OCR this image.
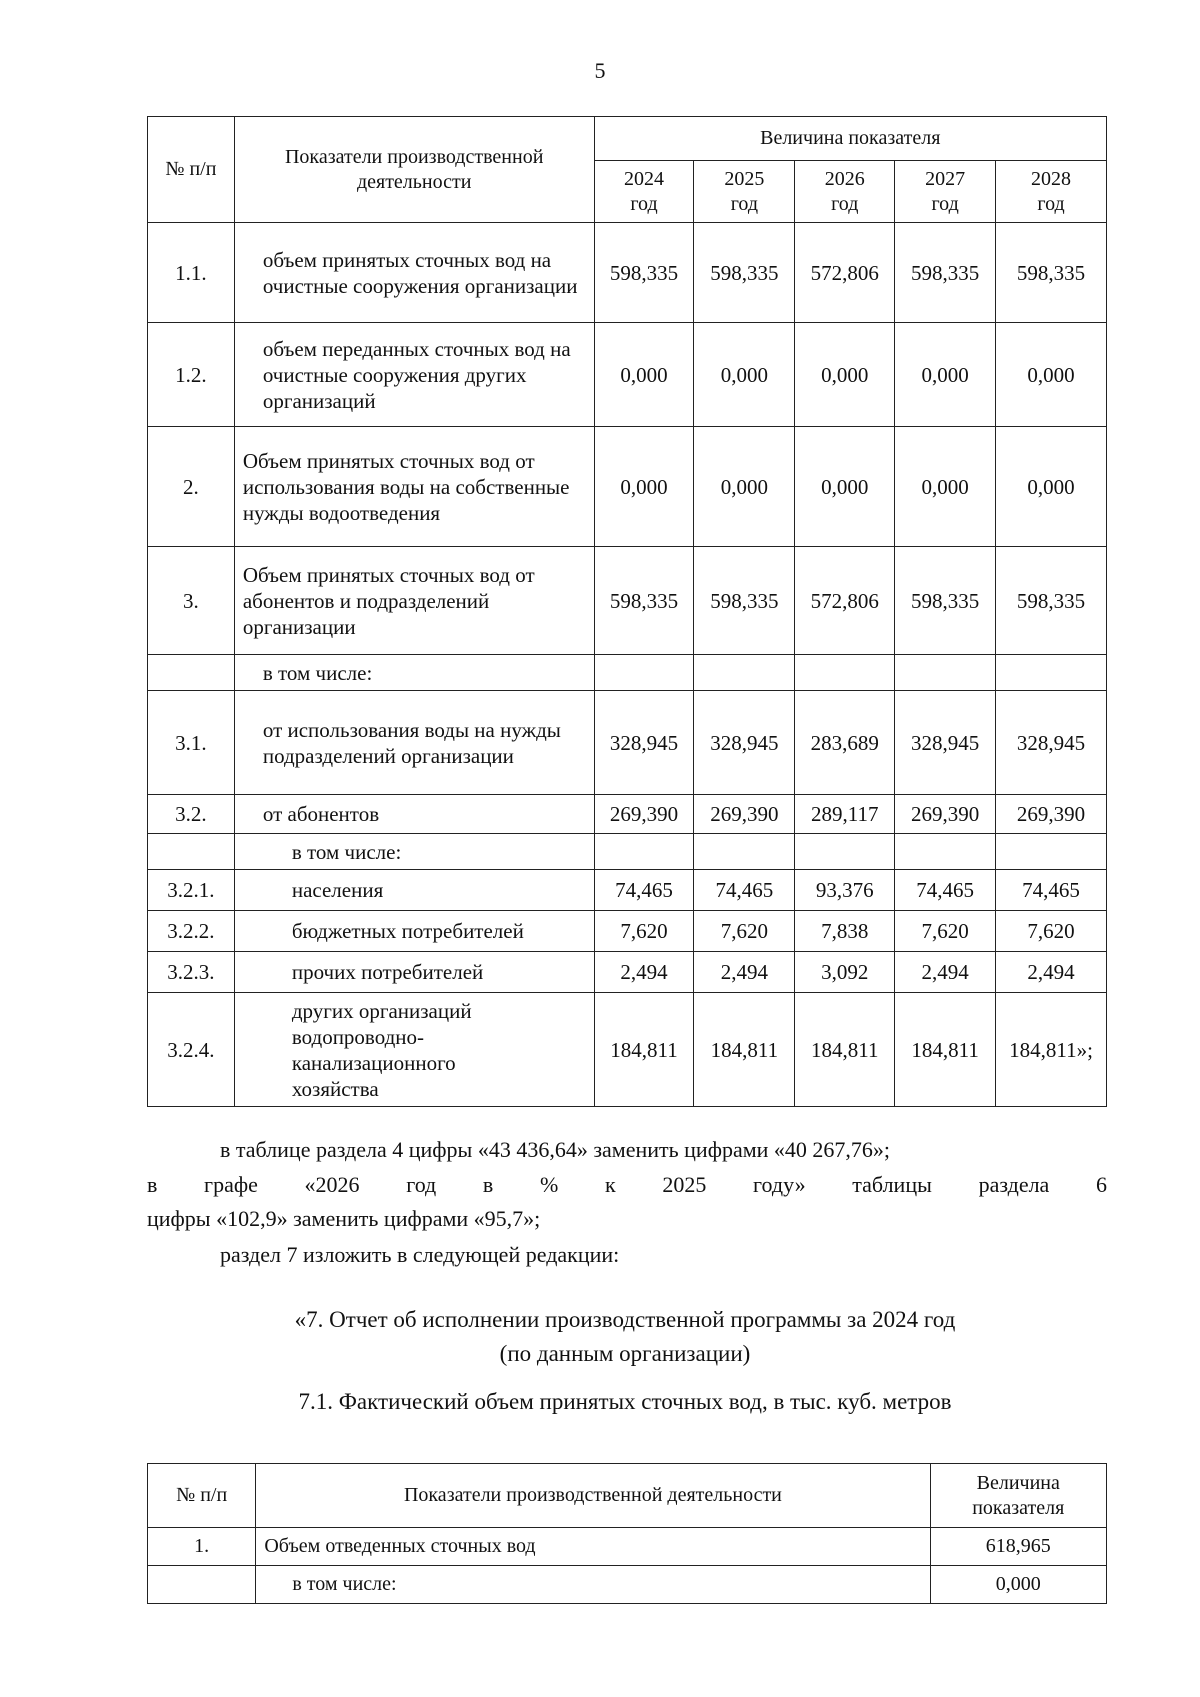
5
№ п/п	Показатели производственной деятельности	Величина показателя				
		2024 год	2025 год	2026 год	2027 год	2028 год
1.1.	объем принятых сточных вод на очистные сооружения организации	598,335	598,335	572,806	598,335	598,335
1.2.	объем переданных сточных вод на очистные сооружения других организаций	0,000	0,000	0,000	0,000	0,000
2.	Объем принятых сточных вод от использования воды на собственные нужды водоотведения	0,000	0,000	0,000	0,000	0,000
3.	Объем принятых сточных вод от абонентов и подразделений организации	598,335	598,335	572,806	598,335	598,335
	в том числе:					
3.1.	от использования воды на нужды подразделений организации	328,945	328,945	283,689	328,945	328,945
3.2.	от абонентов	269,390	269,390	289,117	269,390	269,390
	в том числе:					
3.2.1.	населения	74,465	74,465	93,376	74,465	74,465
3.2.2.	бюджетных потребителей	7,620	7,620	7,838	7,620	7,620
3.2.3.	прочих потребителей	2,494	2,494	3,092	2,494	2,494
3.2.4.	других организаций водопроводно-канализационного хозяйства	184,811	184,811	184,811	184,811	184,811»;
в таблице раздела 4 цифры «43 436,64» заменить цифрами «40 267,76»;
в графе «2026 год в % к 2025 году» таблицы раздела 6
цифры «102,9» заменить цифрами «95,7»;
раздел 7 изложить в следующей редакции:
«7. Отчет об исполнении производственной программы за 2024 год
(по данным организации)
7.1. Фактический объем принятых сточных вод, в тыс. куб. метров
№ п/п	Показатели производственной деятельности	Величина показателя
1.	Объем отведенных сточных вод	618,965
	в том числе:	0,000
